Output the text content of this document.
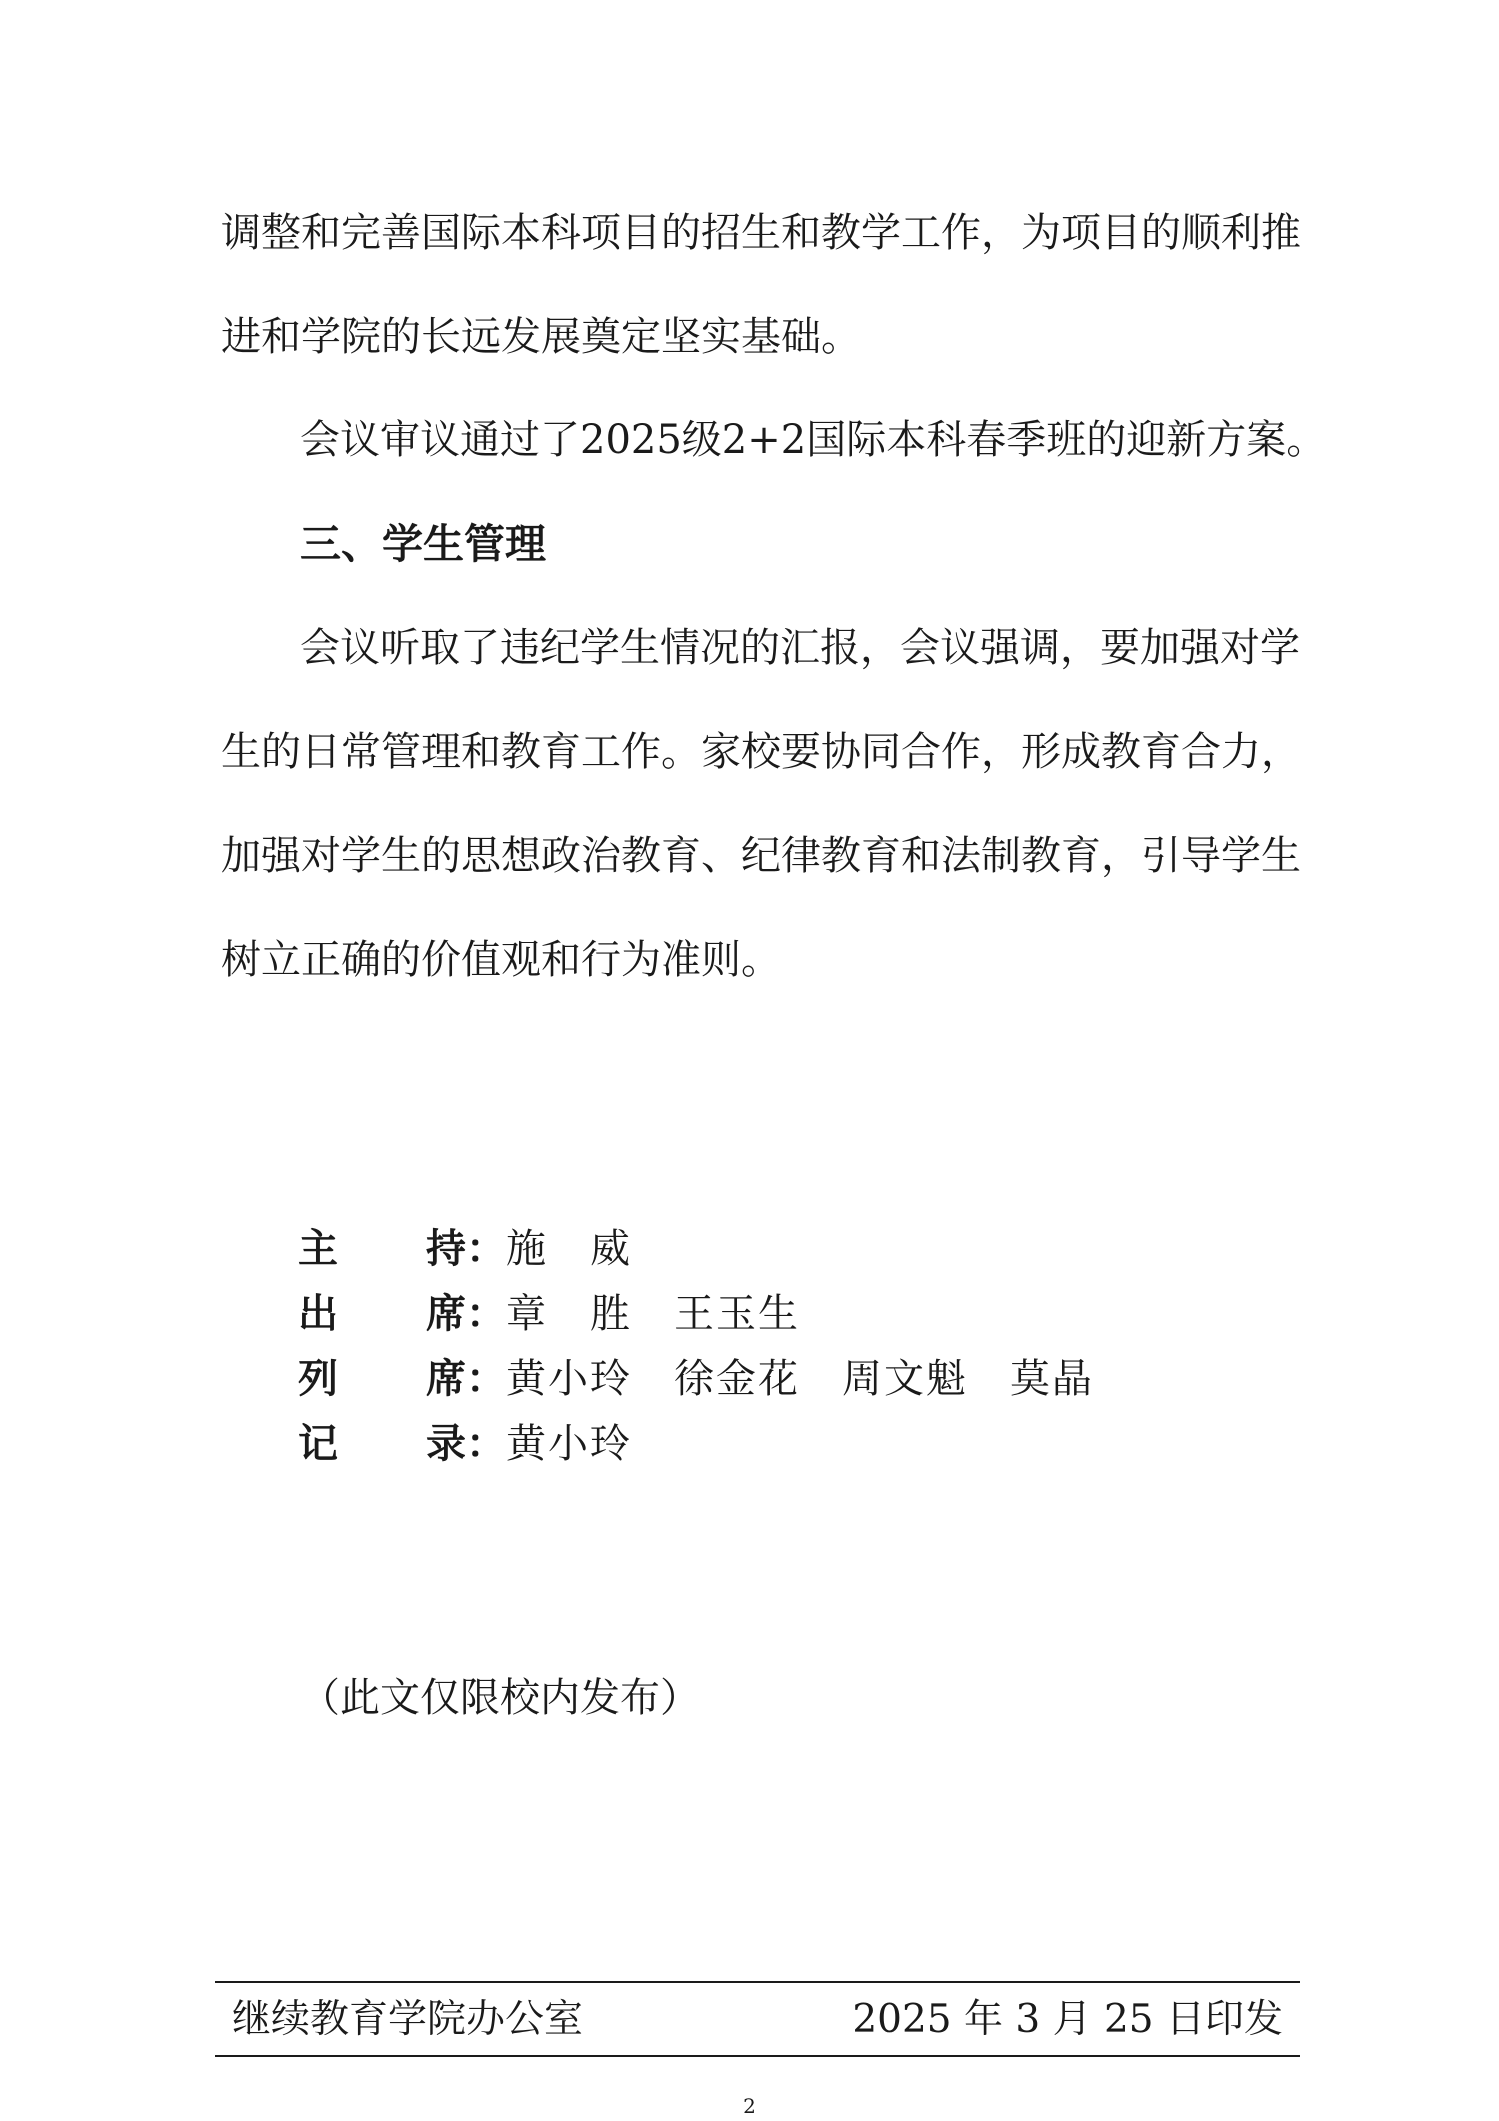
调整和完善国际本科项目的招生和教学工作，为项目的顺利推
进和学院的长远发展奠定坚实基础。
会议审议通过了2025级2+2国际本科春季班的迎新方案。
三、学生管理
会议听取了违纪学生情况的汇报，会议强调，要加强对学
生的日常管理和教育工作。家校要协同合作，形成教育合力，
加强对学生的思想政治教育、纪律教育和法制教育，引导学生
树立正确的价值观和行为准则。
主　持：施　威
出　席：章　胜　王玉生
列　席：黄小玲　徐金花　周文魁　莫晶
记　录：黄小玲
（此文仅限校内发布）
继续教育学院办公室	2025 年 3 月 25 日印发
2
